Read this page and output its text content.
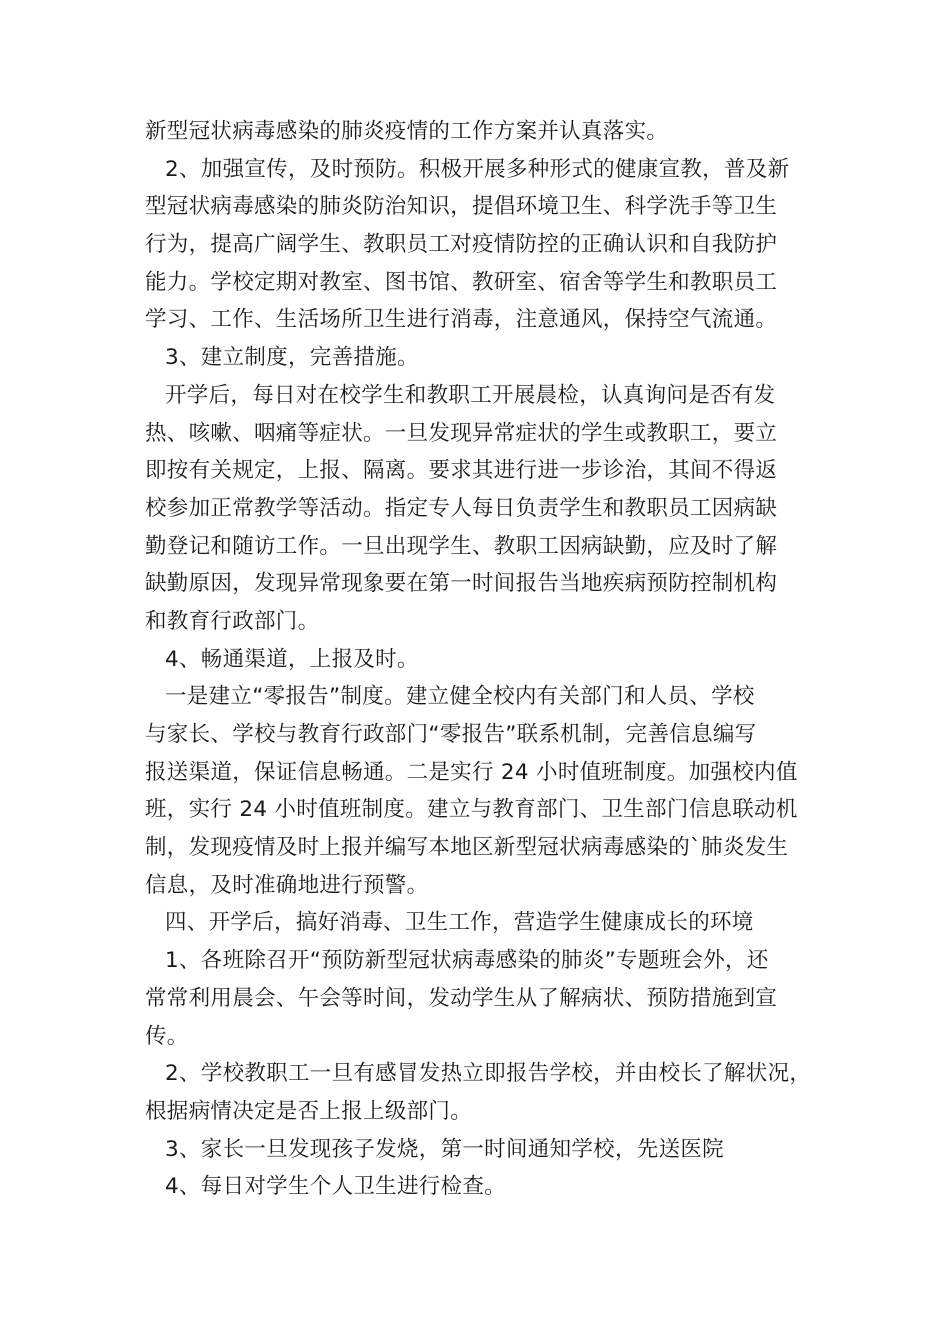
新型冠状病毒感染的肺炎疫情的工作方案并认真落实。
2、加强宣传，及时预防。积极开展多种形式的健康宣教，普及新
型冠状病毒感染的肺炎防治知识，提倡环境卫生、科学洗手等卫生
行为，提高广阔学生、教职员工对疫情防控的正确认识和自我防护
能力。学校定期对教室、图书馆、教研室、宿舍等学生和教职员工
学习、工作、生活场所卫生进行消毒，注意通风，保持空气流通。
3、建立制度，完善措施。
开学后，每日对在校学生和教职工开展晨检，认真询问是否有发
热、咳嗽、咽痛等症状。一旦发现异常症状的学生或教职工，要立
即按有关规定，上报、隔离。要求其进行进一步诊治，其间不得返
校参加正常教学等活动。指定专人每日负责学生和教职员工因病缺
勤登记和随访工作。一旦出现学生、教职工因病缺勤，应及时了解
缺勤原因，发现异常现象要在第一时间报告当地疾病预防控制机构
和教育行政部门。
4、畅通渠道，上报及时。
一是建立“零报告”制度。建立健全校内有关部门和人员、学校
与家长、学校与教育行政部门“零报告”联系机制，完善信息编写
报送渠道，保证信息畅通。二是实行 24 小时值班制度。加强校内值
班，实行 24 小时值班制度。建立与教育部门、卫生部门信息联动机
制，发现疫情及时上报并编写本地区新型冠状病毒感染的`肺炎发生
信息，及时准确地进行预警。
四、开学后，搞好消毒、卫生工作，营造学生健康成长的环境
1、各班除召开“预防新型冠状病毒感染的肺炎”专题班会外，还
常常利用晨会、午会等时间，发动学生从了解病状、预防措施到宣
传。
2、学校教职工一旦有感冒发热立即报告学校，并由校长了解状况，
根据病情决定是否上报上级部门。
3、家长一旦发现孩子发烧，第一时间通知学校，先送医院
4、每日对学生个人卫生进行检查。
